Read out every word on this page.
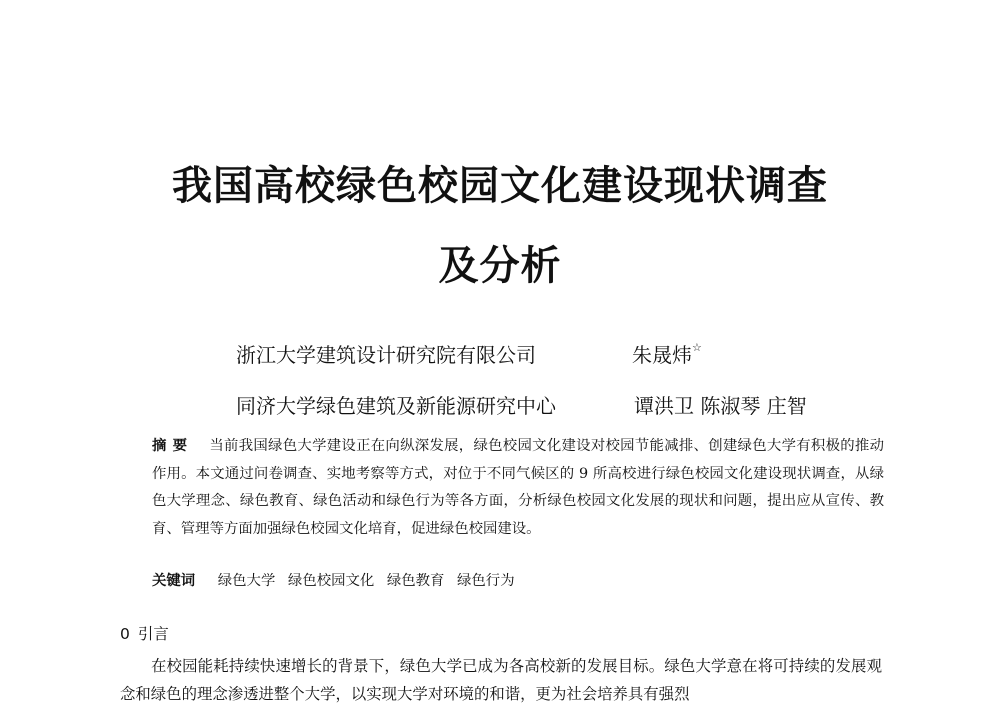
我国高校绿色校园文化建设现状调查
及分析
浙江大学建筑设计研究院有限公司	朱晟炜☆
同济大学绿色建筑及新能源研究中心	谭洪卫 陈淑琴 庄智

摘要 当前我国绿色大学建设正在向纵深发展，绿色校园文化建设对校园节能减排、创建绿色大学有积极的推动作用。本文通过问卷调查、实地考察等方式，对位于不同气候区的 9 所高校进行绿色校园文化建设现状调查，从绿色大学理念、绿色教育、绿色活动和绿色行为等各方面，分析绿色校园文化发展的现状和问题，提出应从宣传、教育、管理等方面加强绿色校园文化培育，促进绿色校园建设。

关键词 绿色大学 绿色校园文化 绿色教育 绿色行为
0 引言

在校园能耗持续快速增长的背景下，绿色大学已成为各高校新的发展目标。绿色大学意在将可持续的发展观念和绿色的理念渗透进整个大学，以实现大学对环境的和谐，更为社会培养具有强烈
